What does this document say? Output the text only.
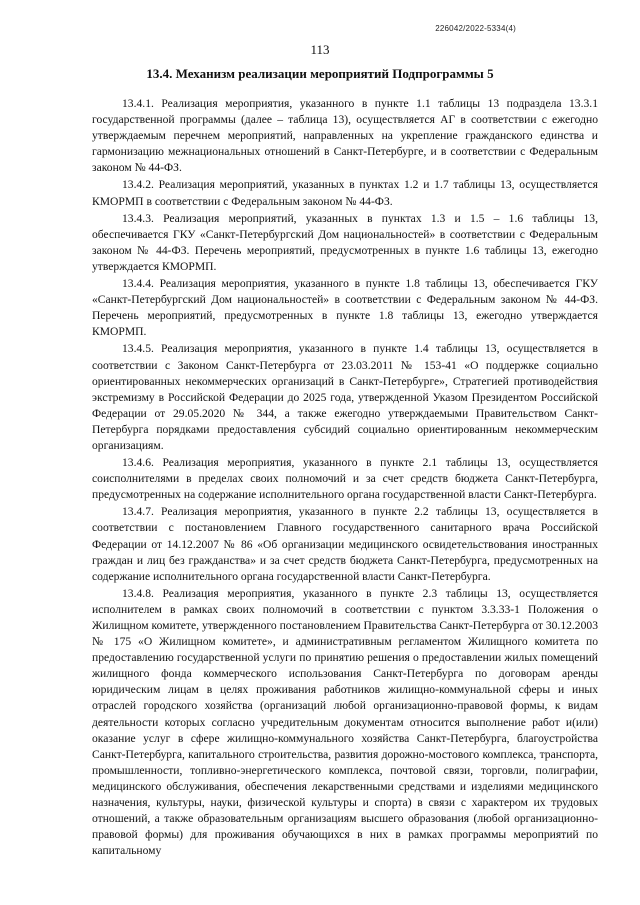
226042/2022-5334(4)
113
13.4. Механизм реализации мероприятий Подпрограммы 5

13.4.1. Реализация мероприятия, указанного в пункте 1.1 таблицы 13 подраздела 13.3.1 государственной программы (далее – таблица 13), осуществляется АГ в соответствии с ежегодно утверждаемым перечнем мероприятий, направленных на укрепление гражданского единства и гармонизацию межнациональных отношений в Санкт-Петербурге, и в соответствии с Федеральным законом № 44-ФЗ.

13.4.2. Реализация мероприятий, указанных в пунктах 1.2 и 1.7 таблицы 13, осуществляется КМОРМП в соответствии с Федеральным законом № 44-ФЗ.

13.4.3. Реализация мероприятий, указанных в пунктах 1.3 и 1.5 – 1.6 таблицы 13, обеспечивается ГКУ «Санкт-Петербургский Дом национальностей» в соответствии с Федеральным законом № 44-ФЗ. Перечень мероприятий, предусмотренных в пункте 1.6 таблицы 13, ежегодно утверждается КМОРМП.

13.4.4. Реализация мероприятия, указанного в пункте 1.8 таблицы 13, обеспечивается ГКУ «Санкт-Петербургский Дом национальностей» в соответствии с Федеральным законом № 44-ФЗ. Перечень мероприятий, предусмотренных в пункте 1.8 таблицы 13, ежегодно утверждается КМОРМП.

13.4.5. Реализация мероприятия, указанного в пункте 1.4 таблицы 13, осуществляется в соответствии с Законом Санкт-Петербурга от 23.03.2011 № 153-41 «О поддержке социально ориентированных некоммерческих организаций в Санкт-Петербурге», Стратегией противодействия экстремизму в Российской Федерации до 2025 года, утвержденной Указом Президентом Российской Федерации от 29.05.2020 № 344, а также ежегодно утверждаемыми Правительством Санкт-Петербурга порядками предоставления субсидий социально ориентированным некоммерческим организациям.

13.4.6. Реализация мероприятия, указанного в пункте 2.1 таблицы 13, осуществляется соисполнителями в пределах своих полномочий и за счет средств бюджета Санкт-Петербурга, предусмотренных на содержание исполнительного органа государственной власти Санкт-Петербурга.

13.4.7. Реализация мероприятия, указанного в пункте 2.2 таблицы 13, осуществляется в соответствии с постановлением Главного государственного санитарного врача Российской Федерации от 14.12.2007 № 86 «Об организации медицинского освидетельствования иностранных граждан и лиц без гражданства» и за счет средств бюджета Санкт-Петербурга, предусмотренных на содержание исполнительного органа государственной власти Санкт-Петербурга.

13.4.8. Реализация мероприятия, указанного в пункте 2.3 таблицы 13, осуществляется исполнителем в рамках своих полномочий в соответствии с пунктом 3.3.33-1 Положения о Жилищном комитете, утвержденного постановлением Правительства Санкт-Петербурга от 30.12.2003 № 175 «О Жилищном комитете», и административным регламентом Жилищного комитета по предоставлению государственной услуги по принятию решения о предоставлении жилых помещений жилищного фонда коммерческого использования Санкт-Петербурга по договорам аренды юридическим лицам в целях проживания работников жилищно-коммунальной сферы и иных отраслей городского хозяйства (организаций любой организационно-правовой формы, к видам деятельности которых согласно учредительным документам относится выполнение работ и(или) оказание услуг в сфере жилищно-коммунального хозяйства Санкт-Петербурга, благоустройства Санкт-Петербурга, капитального строительства, развития дорожно-мостового комплекса, транспорта, промышленности, топливно-энергетического комплекса, почтовой связи, торговли, полиграфии, медицинского обслуживания, обеспечения лекарственными средствами и изделиями медицинского назначения, культуры, науки, физической культуры и спорта) в связи с характером их трудовых отношений, а также образовательным организациям высшего образования (любой организационно-правовой формы) для проживания обучающихся в них в рамках программы мероприятий по капитальному
